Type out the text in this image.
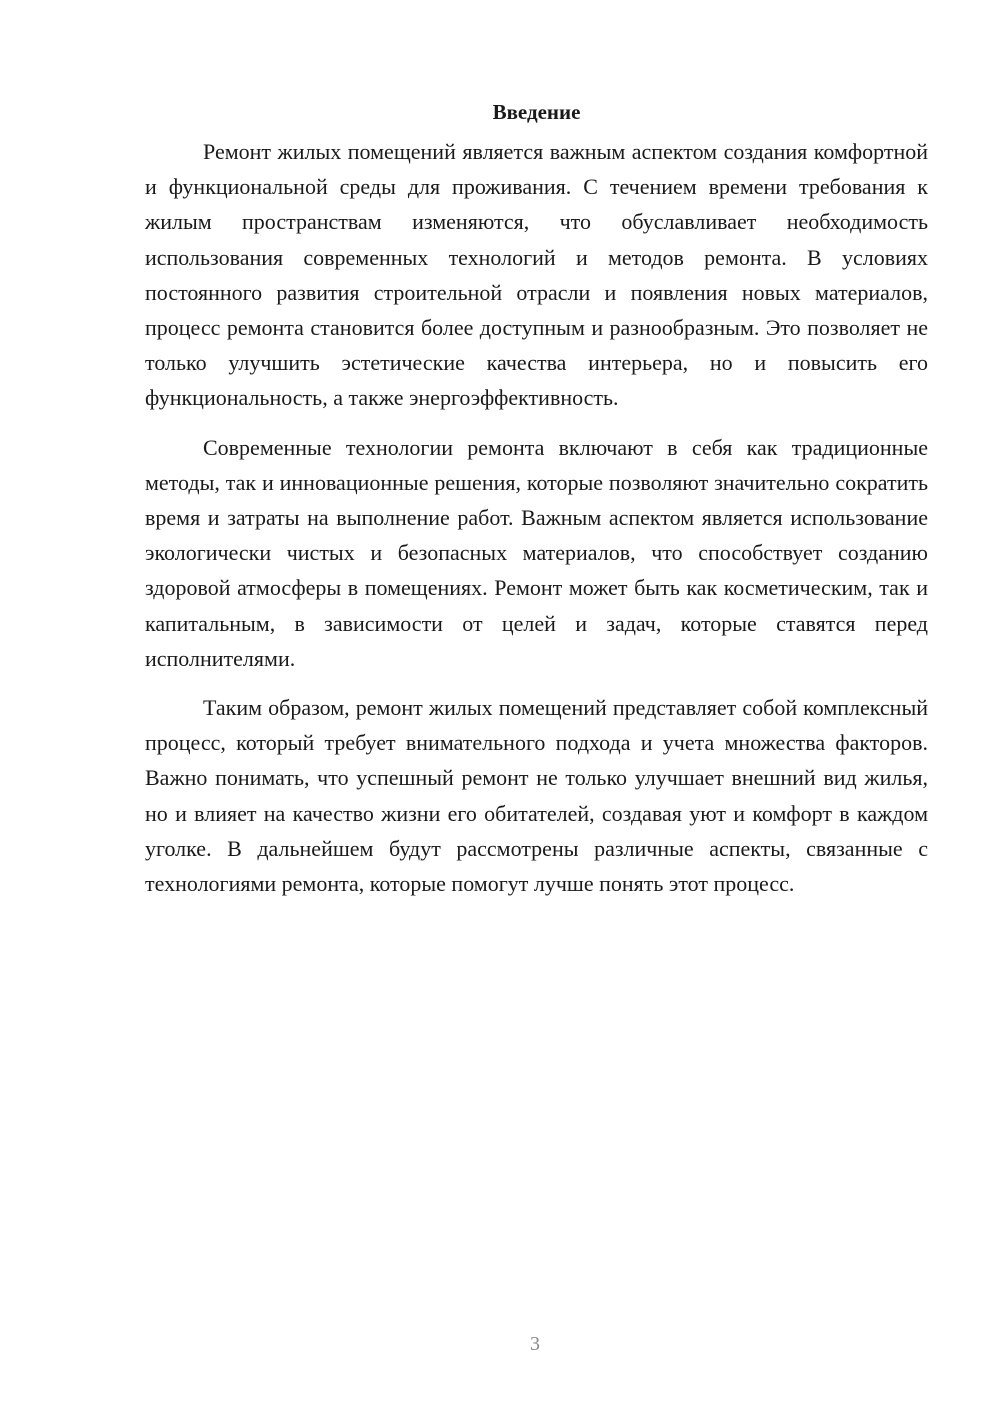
Введение

Ремонт жилых помещений является важным аспектом создания комфортной и функциональной среды для проживания. С течением времени требования к жилым пространствам изменяются, что обуславливает необходимость использования современных технологий и методов ремонта. В условиях постоянного развития строительной отрасли и появления новых материалов, процесс ремонта становится более доступным и разнообразным. Это позволяет не только улучшить эстетические качества интерьера, но и повысить его функциональность, а также энергоэффективность.

Современные технологии ремонта включают в себя как традиционные методы, так и инновационные решения, которые позволяют значительно сократить время и затраты на выполнение работ. Важным аспектом является использование экологически чистых и безопасных материалов, что способствует созданию здоровой атмосферы в помещениях. Ремонт может быть как косметическим, так и капитальным, в зависимости от целей и задач, которые ставятся перед исполнителями.

Таким образом, ремонт жилых помещений представляет собой комплексный процесс, который требует внимательного подхода и учета множества факторов. Важно понимать, что успешный ремонт не только улучшает внешний вид жилья, но и влияет на качество жизни его обитателей, создавая уют и комфорт в каждом уголке. В дальнейшем будут рассмотрены различные аспекты, связанные с технологиями ремонта, которые помогут лучше понять этот процесс.

3
